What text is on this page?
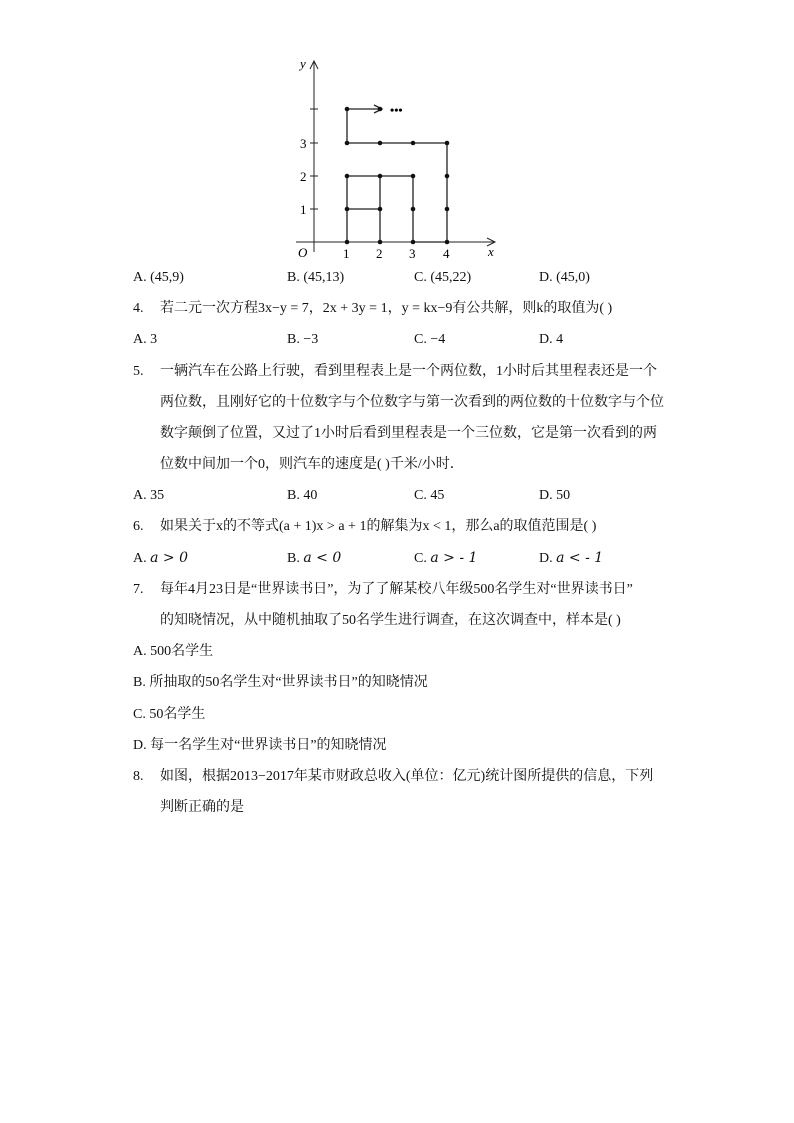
•••
x
y
O	1 2 3 4
1
2
3
A. (45,9)	B. (45,13)	C. (45,22)	D. (45,0)
4. 若二元一次方程3x−y = 7，2x + 3y = 1，y = kx−9有公共解，则k的取值为( )
A. 3	B. −3	C. −4	D. 4
5. 一辆汽车在公路上行驶，看到里程表上是一个两位数，1小时后其里程表还是一个
两位数，且刚好它的十位数字与个位数字与第一次看到的两位数的十位数字与个位
数字颠倒了位置，又过了1小时后看到里程表是一个三位数，它是第一次看到的两
位数中间加一个0，则汽车的速度是( )千米/小时．
A. 35	B. 40	C. 45	D. 50
6. 如果关于x的不等式(a + 1)x > a + 1的解集为x < 1，那么a的取值范围是( )
A. a > 0	B. a < 0	C. a > - 1	D. a < - 1
7. 每年4月23日是“世界读书日”，为了了解某校八年级500名学生对“世界读书日”
的知晓情况，从中随机抽取了50名学生进行调查，在这次调查中，样本是( )
A. 500名学生
B. 所抽取的50名学生对“世界读书日”的知晓情况
C. 50名学生
D. 每一名学生对“世界读书日”的知晓情况
8. 如图，根据2013−2017年某市财政总收入(单位：亿元)统计图所提供的信息，下列
判断正确的是
